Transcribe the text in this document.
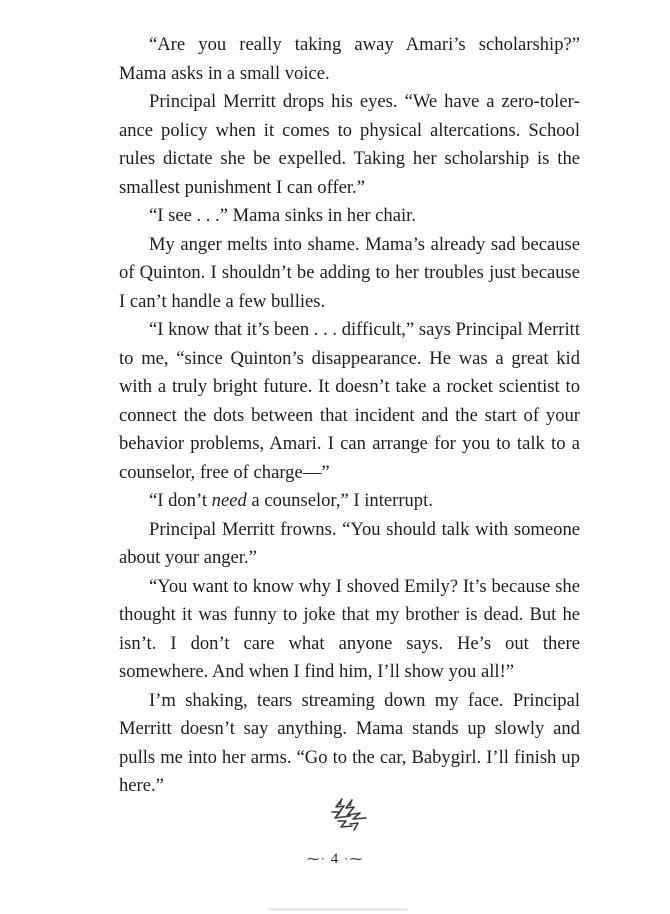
“Are you really taking away Amari’s scholarship?” Mama asks in a small voice.

Principal Merritt drops his eyes. “We have a zero-tolerance policy when it comes to physical altercations. School rules dictate she be expelled. Taking her scholarship is the smallest punishment I can offer.”

“I see . . .” Mama sinks in her chair.

My anger melts into shame. Mama’s already sad because of Quinton. I shouldn’t be adding to her troubles just because I can’t handle a few bullies.

“I know that it’s been . . . difficult,” says Principal Merritt to me, “since Quinton’s disappearance. He was a great kid with a truly bright future. It doesn’t take a rocket scientist to connect the dots between that incident and the start of your behavior problems, Amari. I can arrange for you to talk to a counselor, free of charge—”

“I don’t need a counselor,” I interrupt.

Principal Merritt frowns. “You should talk with someone about your anger.”

“You want to know why I shoved Emily? It’s because she thought it was funny to joke that my brother is dead. But he isn’t. I don’t care what anyone says. He’s out there somewhere. And when I find him, I’ll show you all!”

I’m shaking, tears streaming down my face. Principal Merritt doesn’t say anything. Mama stands up slowly and pulls me into her arms. “Go to the car, Babygirl. I’ll finish up here.”

⁓· 4 ·⁓
